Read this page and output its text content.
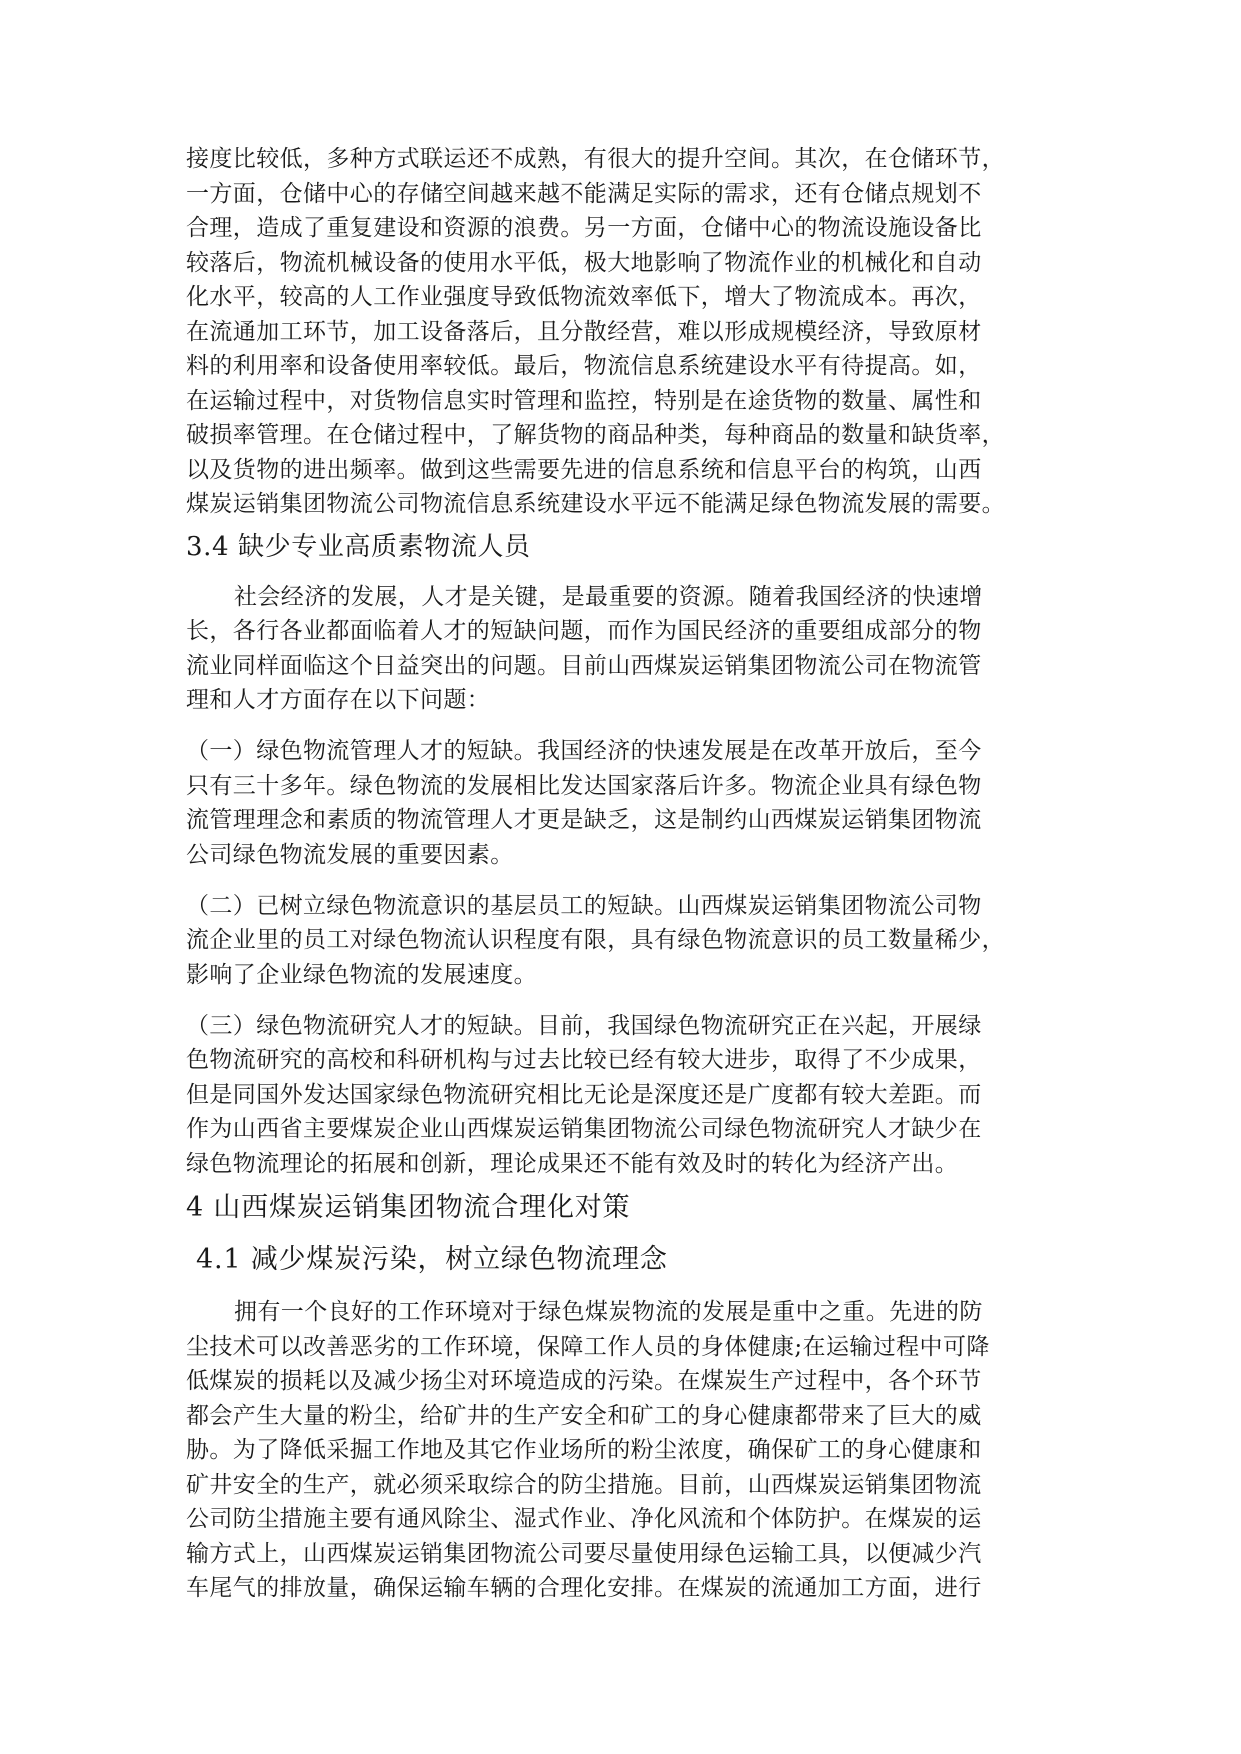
接度比较低，多种方式联运还不成熟，有很大的提升空间。其次，在仓储环节，

一方面，仓储中心的存储空间越来越不能满足实际的需求，还有仓储点规划不

合理，造成了重复建设和资源的浪费。另一方面，仓储中心的物流设施设备比

较落后，物流机械设备的使用水平低，极大地影响了物流作业的机械化和自动

化水平，较高的人工作业强度导致低物流效率低下，增大了物流成本。再次，

在流通加工环节，加工设备落后，且分散经营，难以形成规模经济，导致原材

料的利用率和设备使用率较低。最后，物流信息系统建设水平有待提高。如，

在运输过程中，对货物信息实时管理和监控，特别是在途货物的数量、属性和

破损率管理。在仓储过程中，了解货物的商品种类，每种商品的数量和缺货率，

以及货物的进出频率。做到这些需要先进的信息系统和信息平台的构筑，山西

煤炭运销集团物流公司物流信息系统建设水平远不能满足绿色物流发展的需要。

3.4 缺少专业高质素物流人员

社会经济的发展，人才是关键，是最重要的资源。随着我国经济的快速增

长，各行各业都面临着人才的短缺问题，而作为国民经济的重要组成部分的物

流业同样面临这个日益突出的问题。目前山西煤炭运销集团物流公司在物流管

理和人才方面存在以下问题：

（一）绿色物流管理人才的短缺。我国经济的快速发展是在改革开放后，至今

只有三十多年。绿色物流的发展相比发达国家落后许多。物流企业具有绿色物

流管理理念和素质的物流管理人才更是缺乏，这是制约山西煤炭运销集团物流

公司绿色物流发展的重要因素。

（二）已树立绿色物流意识的基层员工的短缺。山西煤炭运销集团物流公司物

流企业里的员工对绿色物流认识程度有限，具有绿色物流意识的员工数量稀少，

影响了企业绿色物流的发展速度。

（三）绿色物流研究人才的短缺。目前，我国绿色物流研究正在兴起，开展绿

色物流研究的高校和科研机构与过去比较已经有较大进步，取得了不少成果，

但是同国外发达国家绿色物流研究相比无论是深度还是广度都有较大差距。而

作为山西省主要煤炭企业山西煤炭运销集团物流公司绿色物流研究人才缺少在

绿色物流理论的拓展和创新，理论成果还不能有效及时的转化为经济产出。

4 山西煤炭运销集团物流合理化对策

4.1 减少煤炭污染，树立绿色物流理念

拥有一个良好的工作环境对于绿色煤炭物流的发展是重中之重。先进的防

尘技术可以改善恶劣的工作环境，保障工作人员的身体健康;在运输过程中可降

低煤炭的损耗以及减少扬尘对环境造成的污染。在煤炭生产过程中，各个环节

都会产生大量的粉尘，给矿井的生产安全和矿工的身心健康都带来了巨大的威

胁。为了降低采掘工作地及其它作业场所的粉尘浓度，确保矿工的身心健康和

矿井安全的生产，就必须采取综合的防尘措施。目前，山西煤炭运销集团物流

公司防尘措施主要有通风除尘、湿式作业、净化风流和个体防护。在煤炭的运

输方式上，山西煤炭运销集团物流公司要尽量使用绿色运输工具，以便减少汽

车尾气的排放量，确保运输车辆的合理化安排。在煤炭的流通加工方面，进行
